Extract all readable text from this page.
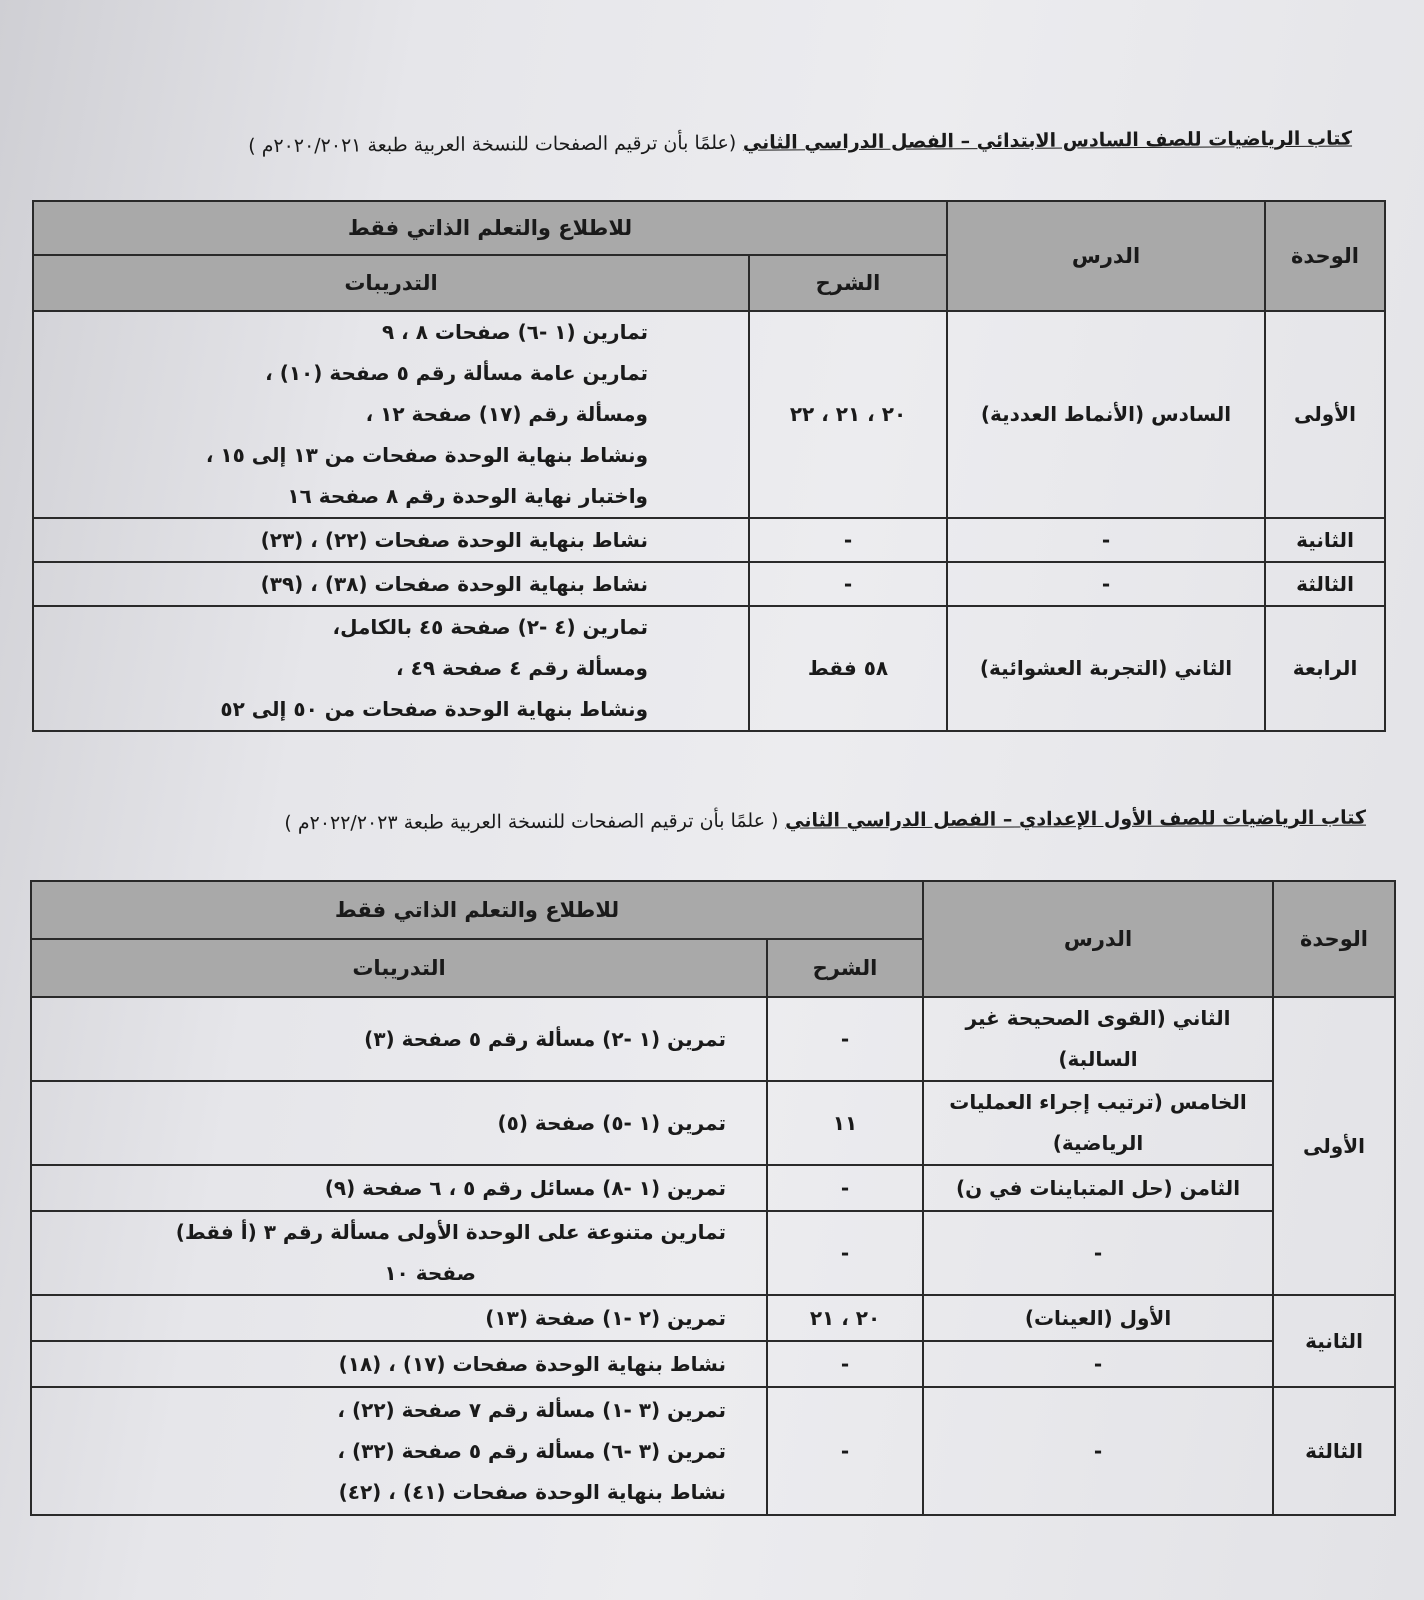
كتاب الرياضيات للصف السادس الابتدائي – الفصل الدراسي الثاني (علمًا بأن ترقيم الصفحات للنسخة العربية طبعة ٢٠٢٠/٢٠٢١م )
الوحدة	الدرس	للاطلاع والتعلم الذاتي فقط	
		الشرح	التدريبات
الأولى	السادس (الأنماط العددية)	٢٠ ، ٢١ ، ٢٢	تمارين (١ -٦) صفحات ٨ ، ٩
تمارين عامة مسألة رقم ٥ صفحة (١٠) ،
ومسألة رقم (١٧) صفحة ١٢ ،
ونشاط بنهاية الوحدة صفحات من ١٣ إلى ١٥ ،
واختبار نهاية الوحدة رقم ٨ صفحة ١٦

الثانية	-	-	نشاط بنهاية الوحدة صفحات (٢٢) ، (٢٣)

الثالثة	-	-	نشاط بنهاية الوحدة صفحات (٣٨) ، (٣٩)

الرابعة	الثاني (التجربة العشوائية)	٥٨ فقط	تمارين (٤ -٢) صفحة ٤٥ بالكامل،
ومسألة رقم ٤ صفحة ٤٩ ،
ونشاط بنهاية الوحدة صفحات من ٥٠ إلى ٥٢
كتاب الرياضيات للصف الأول الإعدادي – الفصل الدراسي الثاني ( علمًا بأن ترقيم الصفحات للنسخة العربية طبعة ٢٠٢٢/٢٠٢٣م )
الوحدة	الدرس	للاطلاع والتعلم الذاتي فقط	
		الشرح	التدريبات
الأولى	الثاني (القوى الصحيحة غير السالبة)	-	تمرين (١ -٢) مسألة رقم ٥ صفحة (٣)

	الخامس (ترتيب إجراء العمليات الرياضية)	١١	تمرين (١ -٥) صفحة (٥)

	الثامن (حل المتباينات في ن)	-	تمرين (١ -٨) مسائل رقم ٥ ، ٦ صفحة (٩)

	-	-	تمارين متنوعة على الوحدة الأولى مسألة رقم ٣ (أ فقط)
صفحة ١٠

الثانية	الأول (العينات)	٢٠ ، ٢١	تمرين (٢ -١) صفحة (١٣)

	-	-	نشاط بنهاية الوحدة صفحات (١٧) ، (١٨)

الثالثة	-	-	تمرين (٣ -١) مسألة رقم ٧ صفحة (٢٢) ،
تمرين (٣ -٦) مسألة رقم ٥ صفحة (٣٢) ،
نشاط بنهاية الوحدة صفحات (٤١) ، (٤٢)
